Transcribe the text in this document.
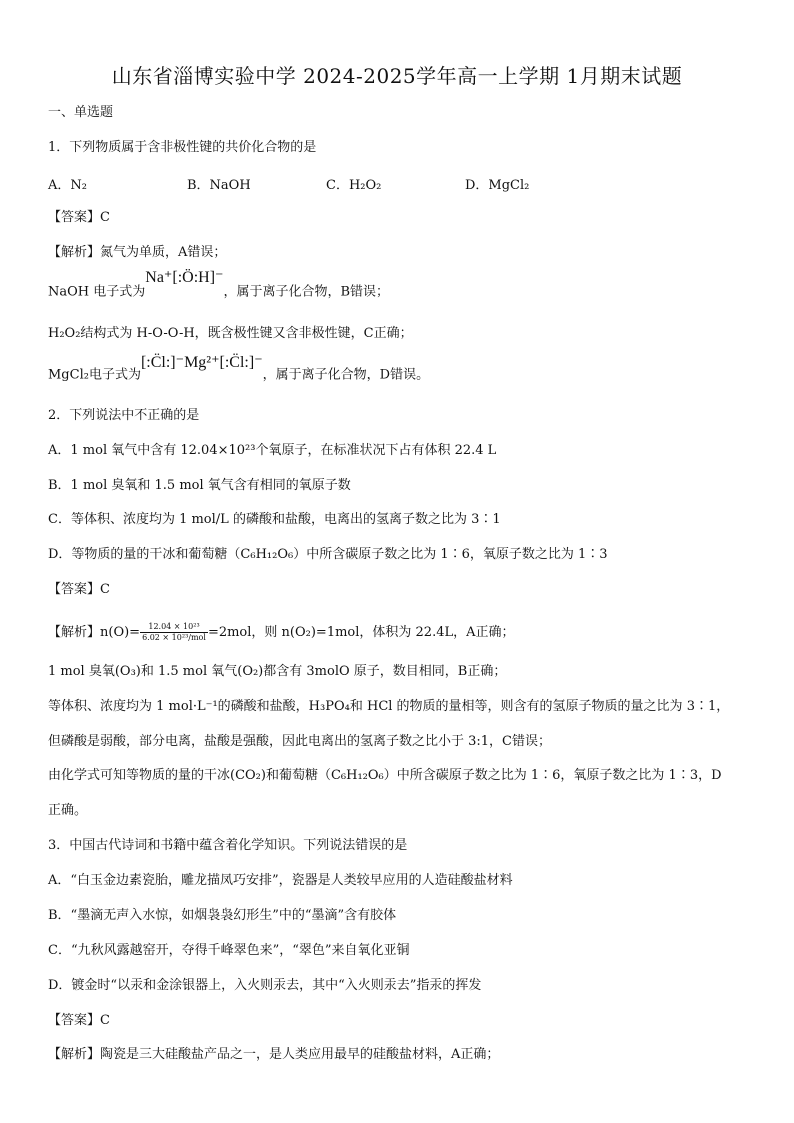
山东省淄博实验中学 2024-2025学年高一上学期 1月期末试题
一、单选题
1．下列物质属于含非极性键的共价化合物的是
A．N₂	B．NaOH	C．H₂O₂	D．MgCl₂
【答案】C
【解析】氮气为单质，A错误；
NaOH 电子式为Na⁺[:Ö:H]⁻，属于离子化合物，B错误；
H₂O₂结构式为 H-O-O-H，既含极性键又含非极性键，C正确；
MgCl₂电子式为[:C̈l:]⁻Mg²⁺[:C̈l:]⁻，属于离子化合物，D错误。
2．下列说法中不正确的是
A．1 mol 氧气中含有 12.04×10²³个氧原子，在标准状况下占有体积 22.4 L
B．1 mol 臭氧和 1.5 mol 氧气含有相同的氧原子数
C．等体积、浓度均为 1 mol/L 的磷酸和盐酸，电离出的氢离子数之比为 3∶1
D．等物质的量的干冰和葡萄糖（C₆H₁₂O₆）中所含碳原子数之比为 1∶6，氧原子数之比为 1∶3
【答案】C
【解析】$n(O)= \frac{\text{12.04 × 10²³}}{\text{6.02 × 10²³/mol}} =2mol$，则 n(O₂)=1mol，体积为 22.4L，A正确；
1 mol 臭氧(O₃)和 1.5 mol 氧气(O₂)都含有 3molO 原子，数目相同，B正确；
等体积、浓度均为 1 mol·L⁻¹的磷酸和盐酸，H₃PO₄和 HCl 的物质的量相等，则含有的氢原子物质的量之比为 3∶1，
但磷酸是弱酸，部分电离，盐酸是强酸，因此电离出的氢离子数之比小于 3:1，C错误；
由化学式可知等物质的量的干冰(CO₂)和葡萄糖（C₆H₁₂O₆）中所含碳原子数之比为 1∶6，氧原子数之比为 1∶3，D
正确。
3．中国古代诗词和书籍中蕴含着化学知识。下列说法错误的是
A．“白玉金边素瓷胎，雕龙描凤巧安排”，瓷器是人类较早应用的人造硅酸盐材料
B．“墨滴无声入水惊，如烟袅袅幻形生”中的“墨滴”含有胶体
C．“九秋风露越窑开，夺得千峰翠色来”，“翠色”来自氧化亚铜
D．镀金时“以汞和金涂银器上，入火则汞去，其中“入火则汞去”指汞的挥发
【答案】C
【解析】陶瓷是三大硅酸盐产品之一，是人类应用最早的硅酸盐材料，A正确；
